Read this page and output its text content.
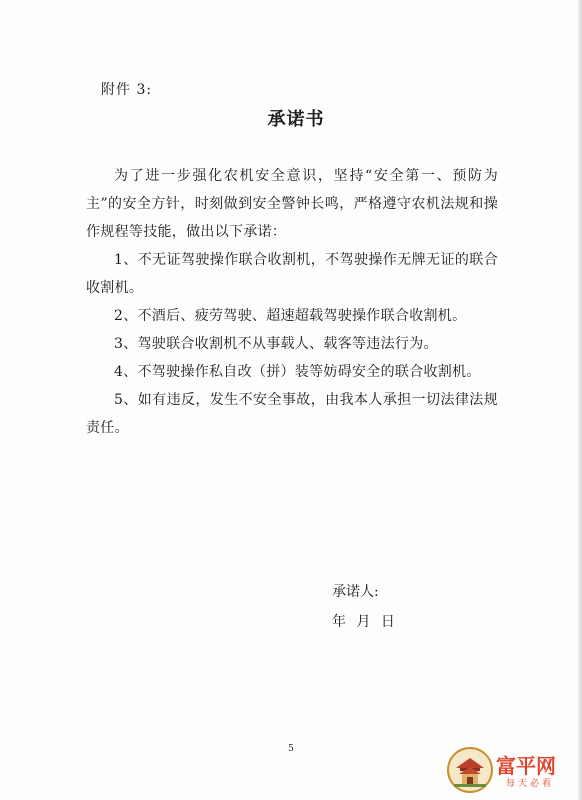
附件 3:
承诺书

为了进一步强化农机安全意识，坚持“安全第一、预防为主”的安全方针，时刻做到安全警钟长鸣，严格遵守农机法规和操作规程等技能，做出以下承诺：

1、不无证驾驶操作联合收割机，不驾驶操作无牌无证的联合收割机。

2、不酒后、疲劳驾驶、超速超载驾驶操作联合收割机。

3、驾驶联合收割机不从事载人、载客等违法行为。

4、不驾驶操作私自改（拼）装等妨碍安全的联合收割机。

5、如有违反，发生不安全事故，由我本人承担一切法律法规责任。

承诺人:
年 月 日
5
富平网
每天必看
